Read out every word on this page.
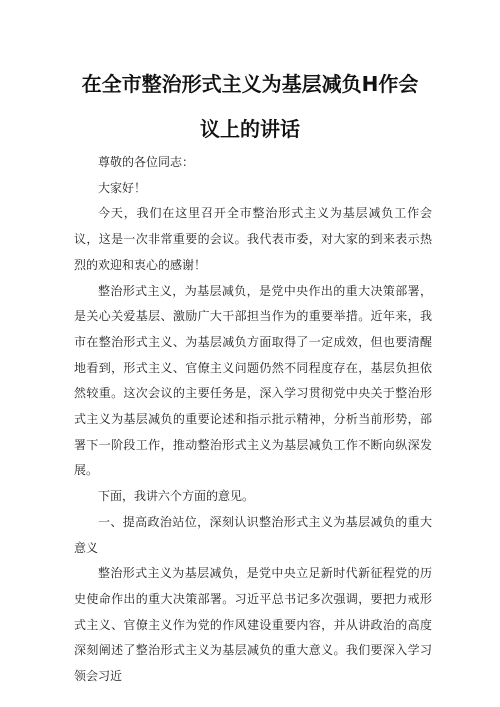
在全市整治形式主义为基层减负H作会
议上的讲话

尊敬的各位同志：

大家好！

今天，我们在这里召开全市整治形式主义为基层减负工作会议，这是一次非常重要的会议。我代表市委，对大家的到来表示热烈的欢迎和衷心的感谢！

整治形式主义，为基层减负，是党中央作出的重大决策部署，是关心关爱基层、激励广大干部担当作为的重要举措。近年来，我市在整治形式主义、为基层减负方面取得了一定成效，但也要清醒地看到，形式主义、官僚主义问题仍然不同程度存在，基层负担依然较重。这次会议的主要任务是，深入学习贯彻党中央关于整治形式主义为基层减负的重要论述和指示批示精神，分析当前形势，部署下一阶段工作，推动整治形式主义为基层减负工作不断向纵深发展。

下面，我讲六个方面的意见。

一、提高政治站位，深刻认识整治形式主义为基层减负的重大意义

整治形式主义为基层减负，是党中央立足新时代新征程党的历史使命作出的重大决策部署。习近平总书记多次强调，要把力戒形式主义、官僚主义作为党的作风建设重要内容，并从讲政治的高度深刻阐述了整治形式主义为基层减负的重大意义。我们要深入学习领会习近
